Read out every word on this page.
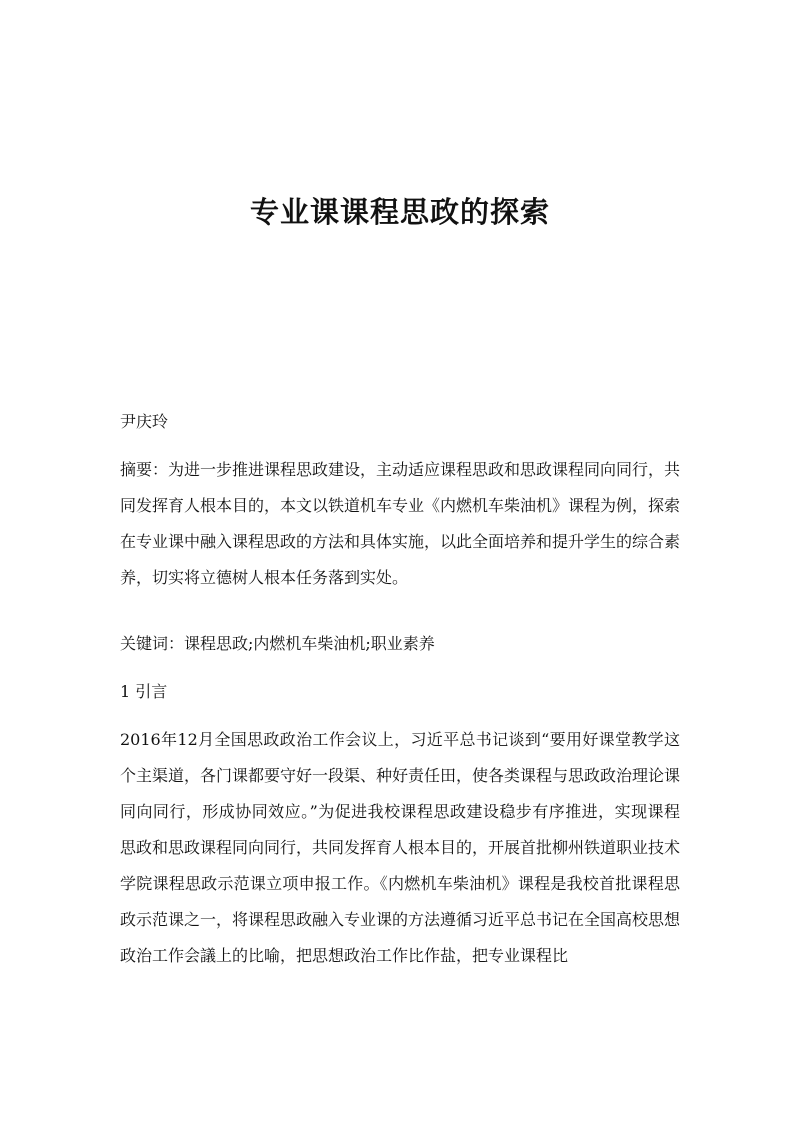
专业课课程思政的探索
尹庆玲

摘要：为进一步推进课程思政建设，主动适应课程思政和思政课程同向同行，共同发挥育人根本目的，本文以铁道机车专业《内燃机车柴油机》课程为例，探索在专业课中融入课程思政的方法和具体实施，以此全面培养和提升学生的综合素养，切实将立德树人根本任务落到实处。

关键词：课程思政;内燃机车柴油机;职业素养
1 引言

2016年12月全国思政政治工作会议上，习近平总书记谈到“要用好课堂教学这个主渠道，各门课都要守好一段渠、种好责任田，使各类课程与思政政治理论课同向同行，形成协同效应。”为促进我校课程思政建设稳步有序推进，实现课程思政和思政课程同向同行，共同发挥育人根本目的，开展首批柳州铁道职业技术学院课程思政示范课立项申报工作。《内燃机车柴油机》课程是我校首批课程思政示范课之一，将课程思政融入专业课的方法遵循习近平总书记在全国高校思想政治工作会議上的比喻，把思想政治工作比作盐，把专业课程比
